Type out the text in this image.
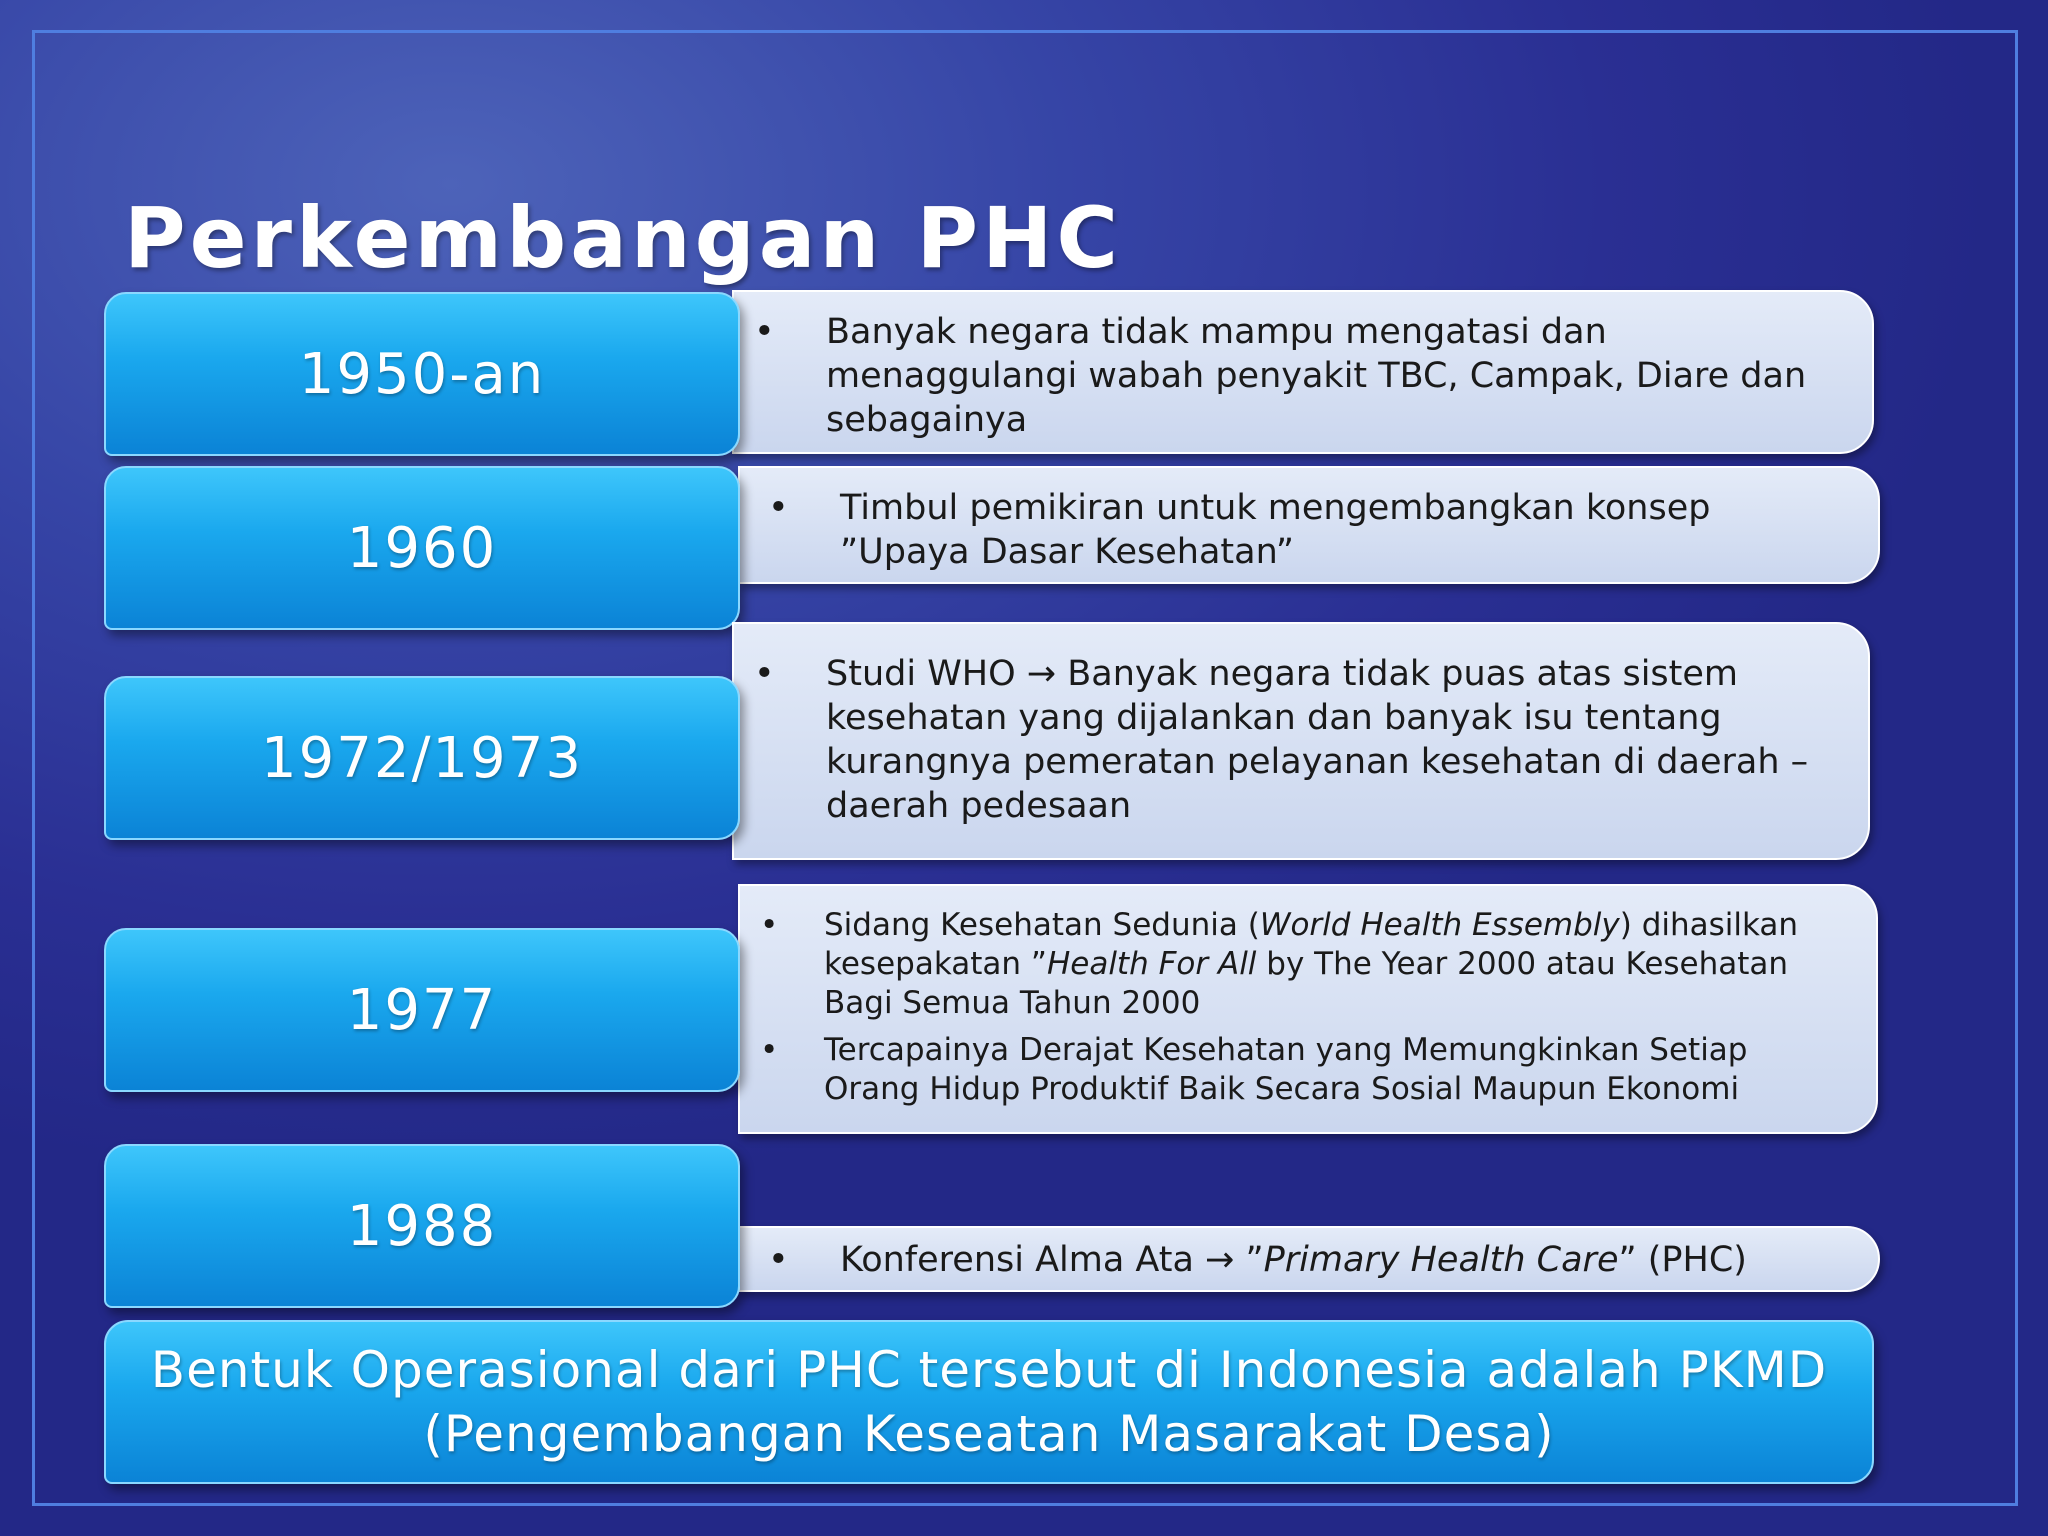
Perkembangan PHC
• Banyak negara tidak mampu mengatasi dan menaggulangi wabah penyakit TBC, Campak, Diare dan sebagainya
1950-an
• Timbul pemikiran untuk mengembangkan konsep ”Upaya Dasar Kesehatan”
1960
• Studi WHO → Banyak negara tidak puas atas sistem kesehatan yang dijalankan dan banyak isu tentang kurangnya pemeratan pelayanan kesehatan di daerah – daerah pedesaan
1972/1973
• Sidang Kesehatan Sedunia (World Health Essembly) dihasilkan kesepakatan ”Health For All by The Year 2000 atau Kesehatan Bagi Semua Tahun 2000
• Tercapainya Derajat Kesehatan yang Memungkinkan Setiap Orang Hidup Produktif Baik Secara Sosial Maupun Ekonomi
1977
• Konferensi Alma Ata → ”Primary Health Care” (PHC)
1988
Bentuk Operasional dari PHC tersebut di Indonesia adalah PKMD
(Pengembangan Keseatan Masarakat Desa)
